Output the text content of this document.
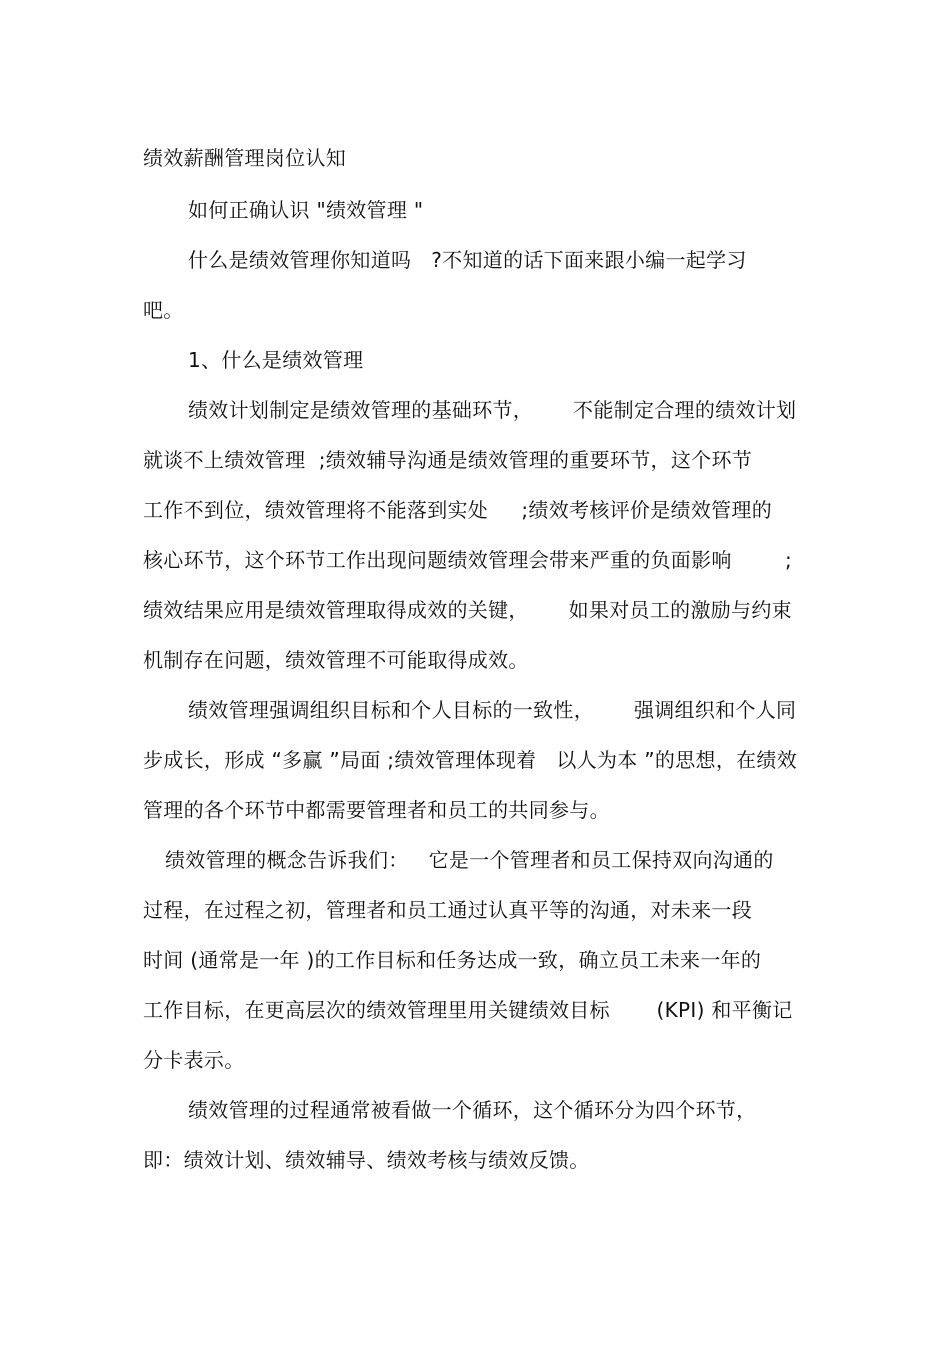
绩效薪酬管理岗位认知
如何正确认识 "绩效管理 "
什么是绩效管理你知道吗   ?不知道的话下面来跟小编一起学习
吧。
1、什么是绩效管理
绩效计划制定是绩效管理的基础环节，      不能制定合理的绩效计划
就谈不上绩效管理  ;绩效辅导沟通是绩效管理的重要环节，这个环节
工作不到位，绩效管理将不能落到实处     ;绩效考核评价是绩效管理的
核心环节，这个环节工作出现问题绩效管理会带来严重的负面影响        ;
绩效结果应用是绩效管理取得成效的关键，      如果对员工的激励与约束
机制存在问题，绩效管理不可能取得成效。
绩效管理强调组织目标和个人目标的一致性，      强调组织和个人同
步成长，形成 “多赢 ”局面 ;绩效管理体现着   以人为本 ”的思想，在绩效
管理的各个环节中都需要管理者和员工的共同参与。
绩效管理的概念告诉我们：   它是一个管理者和员工保持双向沟通的
过程，在过程之初，管理者和员工通过认真平等的沟通，对未来一段
时间 (通常是一年 )的工作目标和任务达成一致，确立员工未来一年的
工作目标，在更高层次的绩效管理里用关键绩效目标       (KPI) 和平衡记
分卡表示。
绩效管理的过程通常被看做一个循环，这个循环分为四个环节，
即：绩效计划、绩效辅导、绩效考核与绩效反馈。
